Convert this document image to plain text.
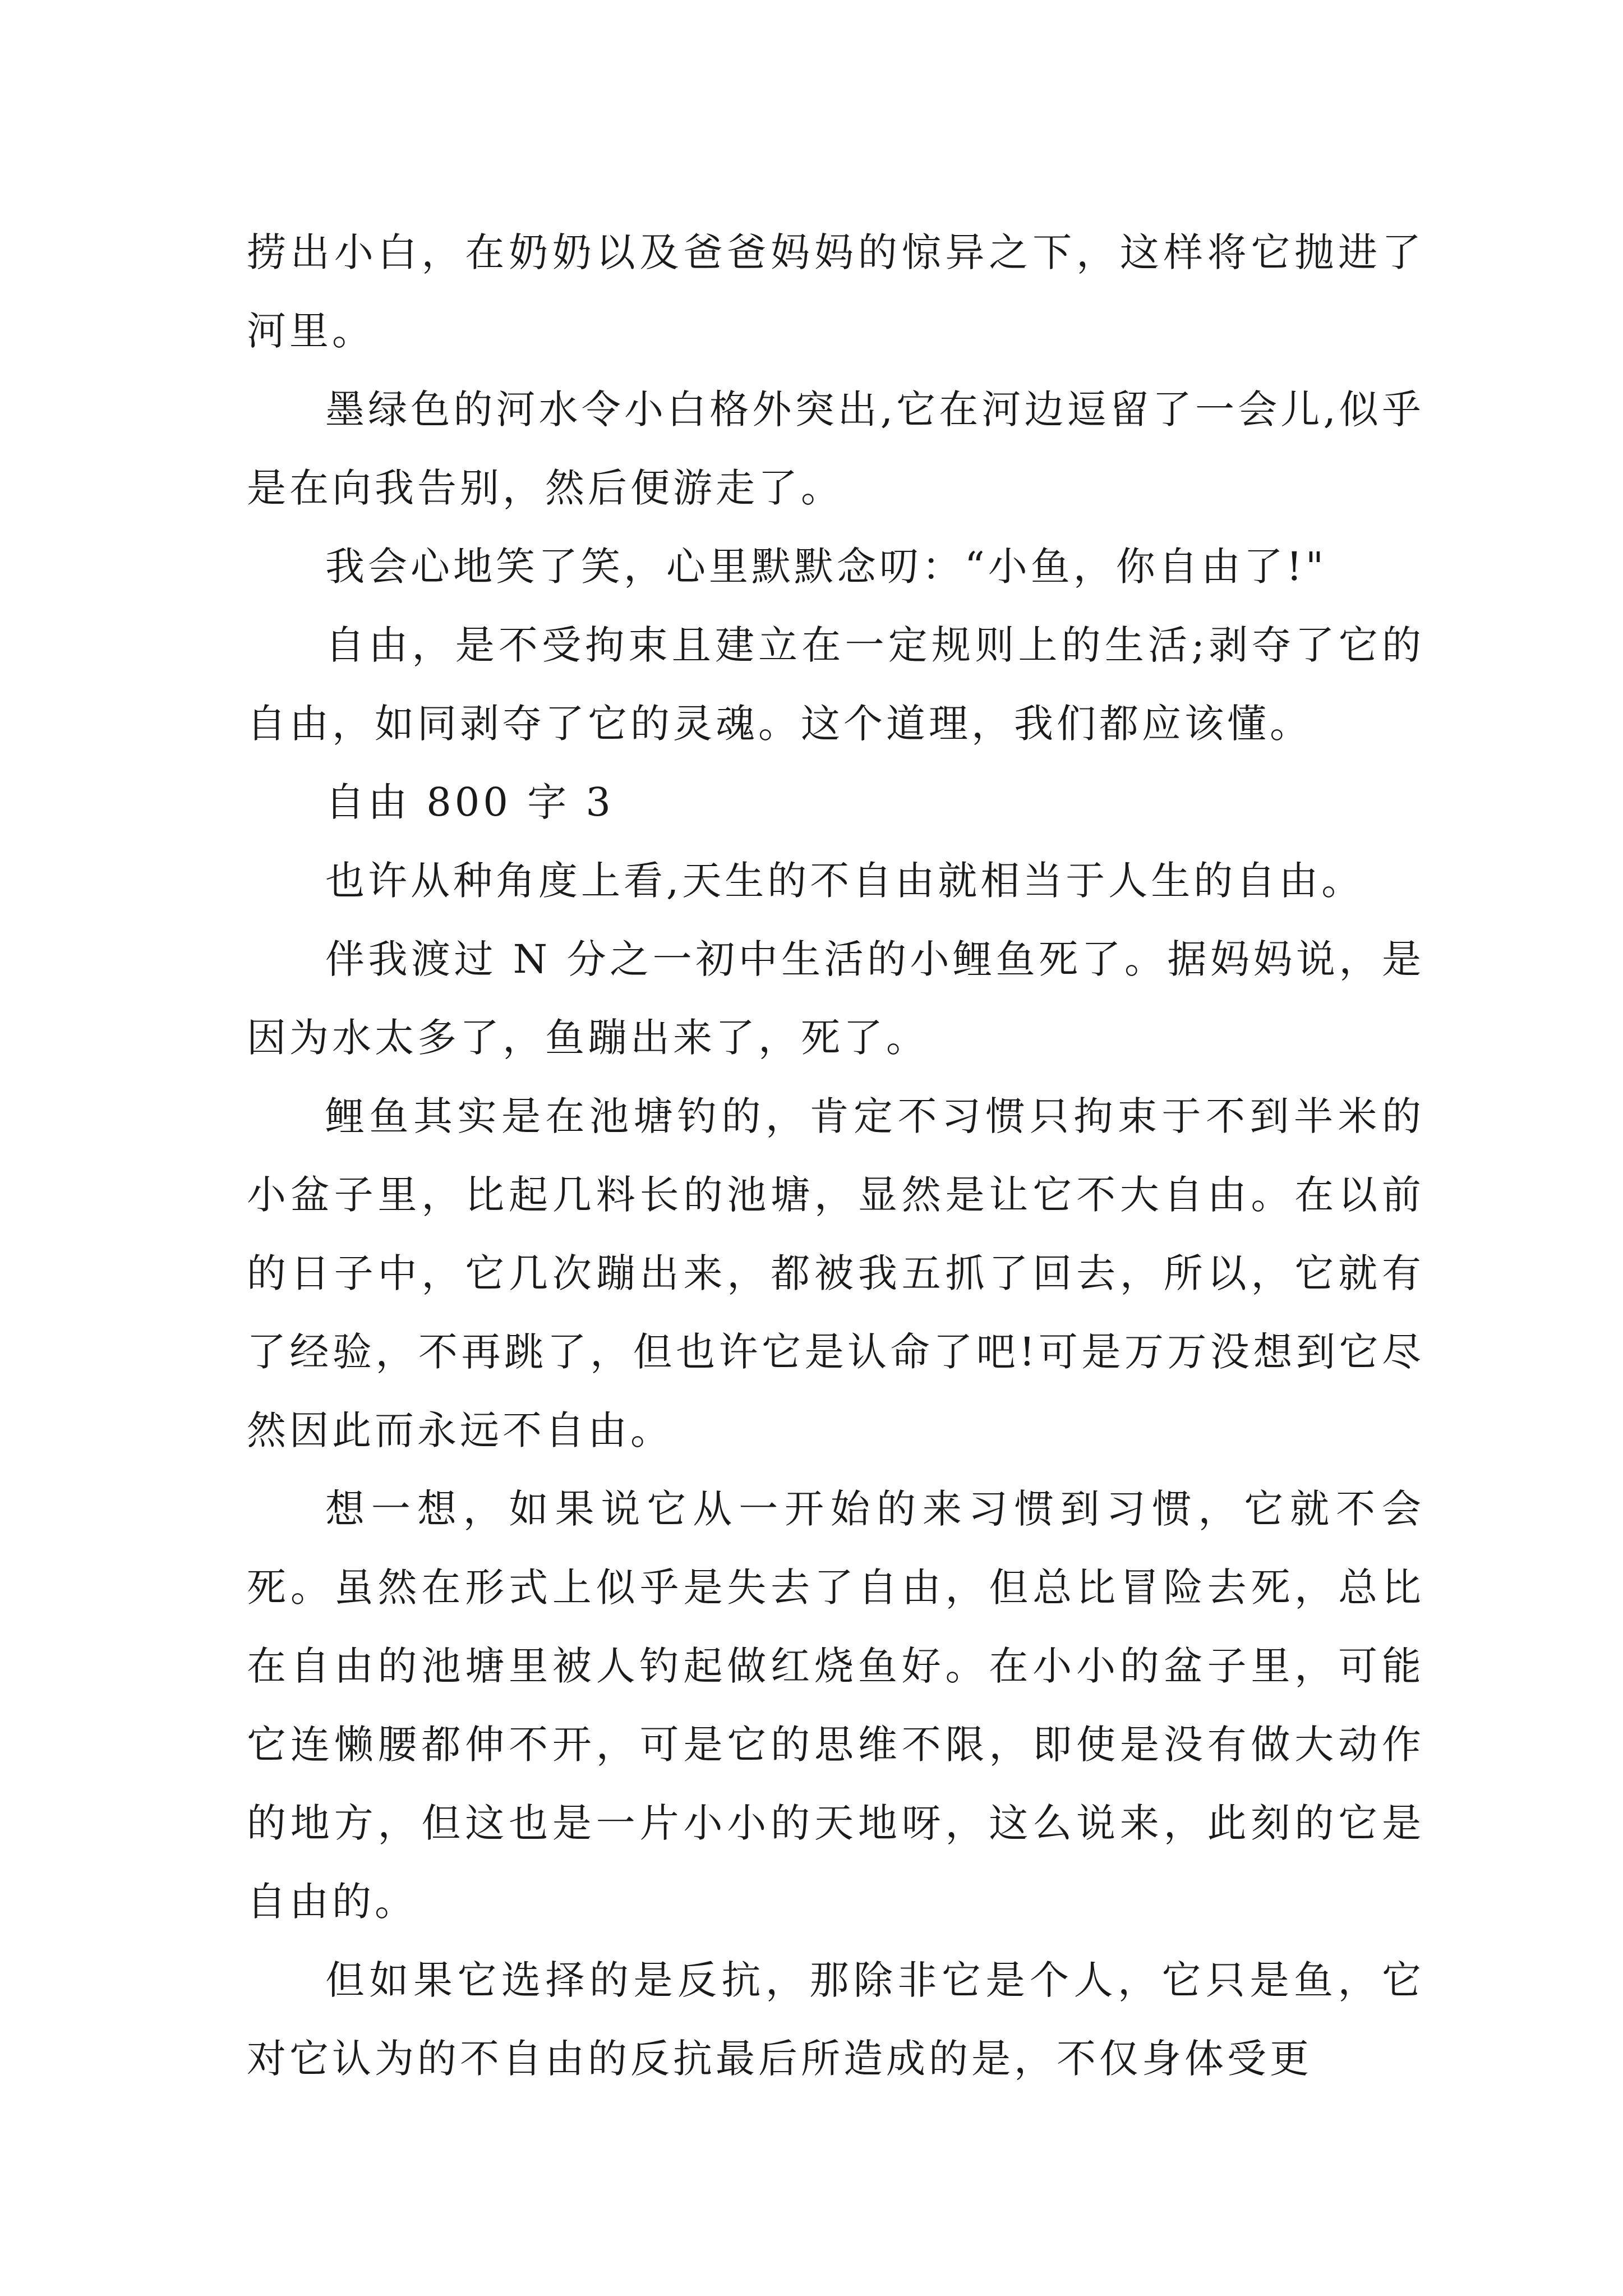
捞出小白，在奶奶以及爸爸妈妈的惊异之下，这样将它抛进了河里。

墨绿色的河水令小白格外突出,它在河边逗留了一会儿,似乎是在向我告别，然后便游走了。

我会心地笑了笑，心里默默念叨：“小鱼，你自由了!"

自由，是不受拘束且建立在一定规则上的生活;剥夺了它的自由，如同剥夺了它的灵魂。这个道理，我们都应该懂。

自由 800 字 3

也许从种角度上看,天生的不自由就相当于人生的自由。

伴我渡过 N 分之一初中生活的小鲤鱼死了。据妈妈说，是因为水太多了，鱼蹦出来了，死了。

鲤鱼其实是在池塘钓的，肯定不习惯只拘束于不到半米的小盆子里，比起几料长的池塘，显然是让它不大自由。在以前的日子中，它几次蹦出来，都被我五抓了回去，所以，它就有了经验，不再跳了，但也许它是认命了吧!可是万万没想到它尽然因此而永远不自由。

想一想，如果说它从一开始的来习惯到习惯，它就不会死。虽然在形式上似乎是失去了自由，但总比冒险去死，总比在自由的池塘里被人钓起做红烧鱼好。在小小的盆子里，可能它连懒腰都伸不开，可是它的思维不限，即使是没有做大动作的地方，但这也是一片小小的天地呀，这么说来，此刻的它是自由的。

但如果它选择的是反抗，那除非它是个人，它只是鱼，它对它认为的不自由的反抗最后所造成的是，不仅身体受更
